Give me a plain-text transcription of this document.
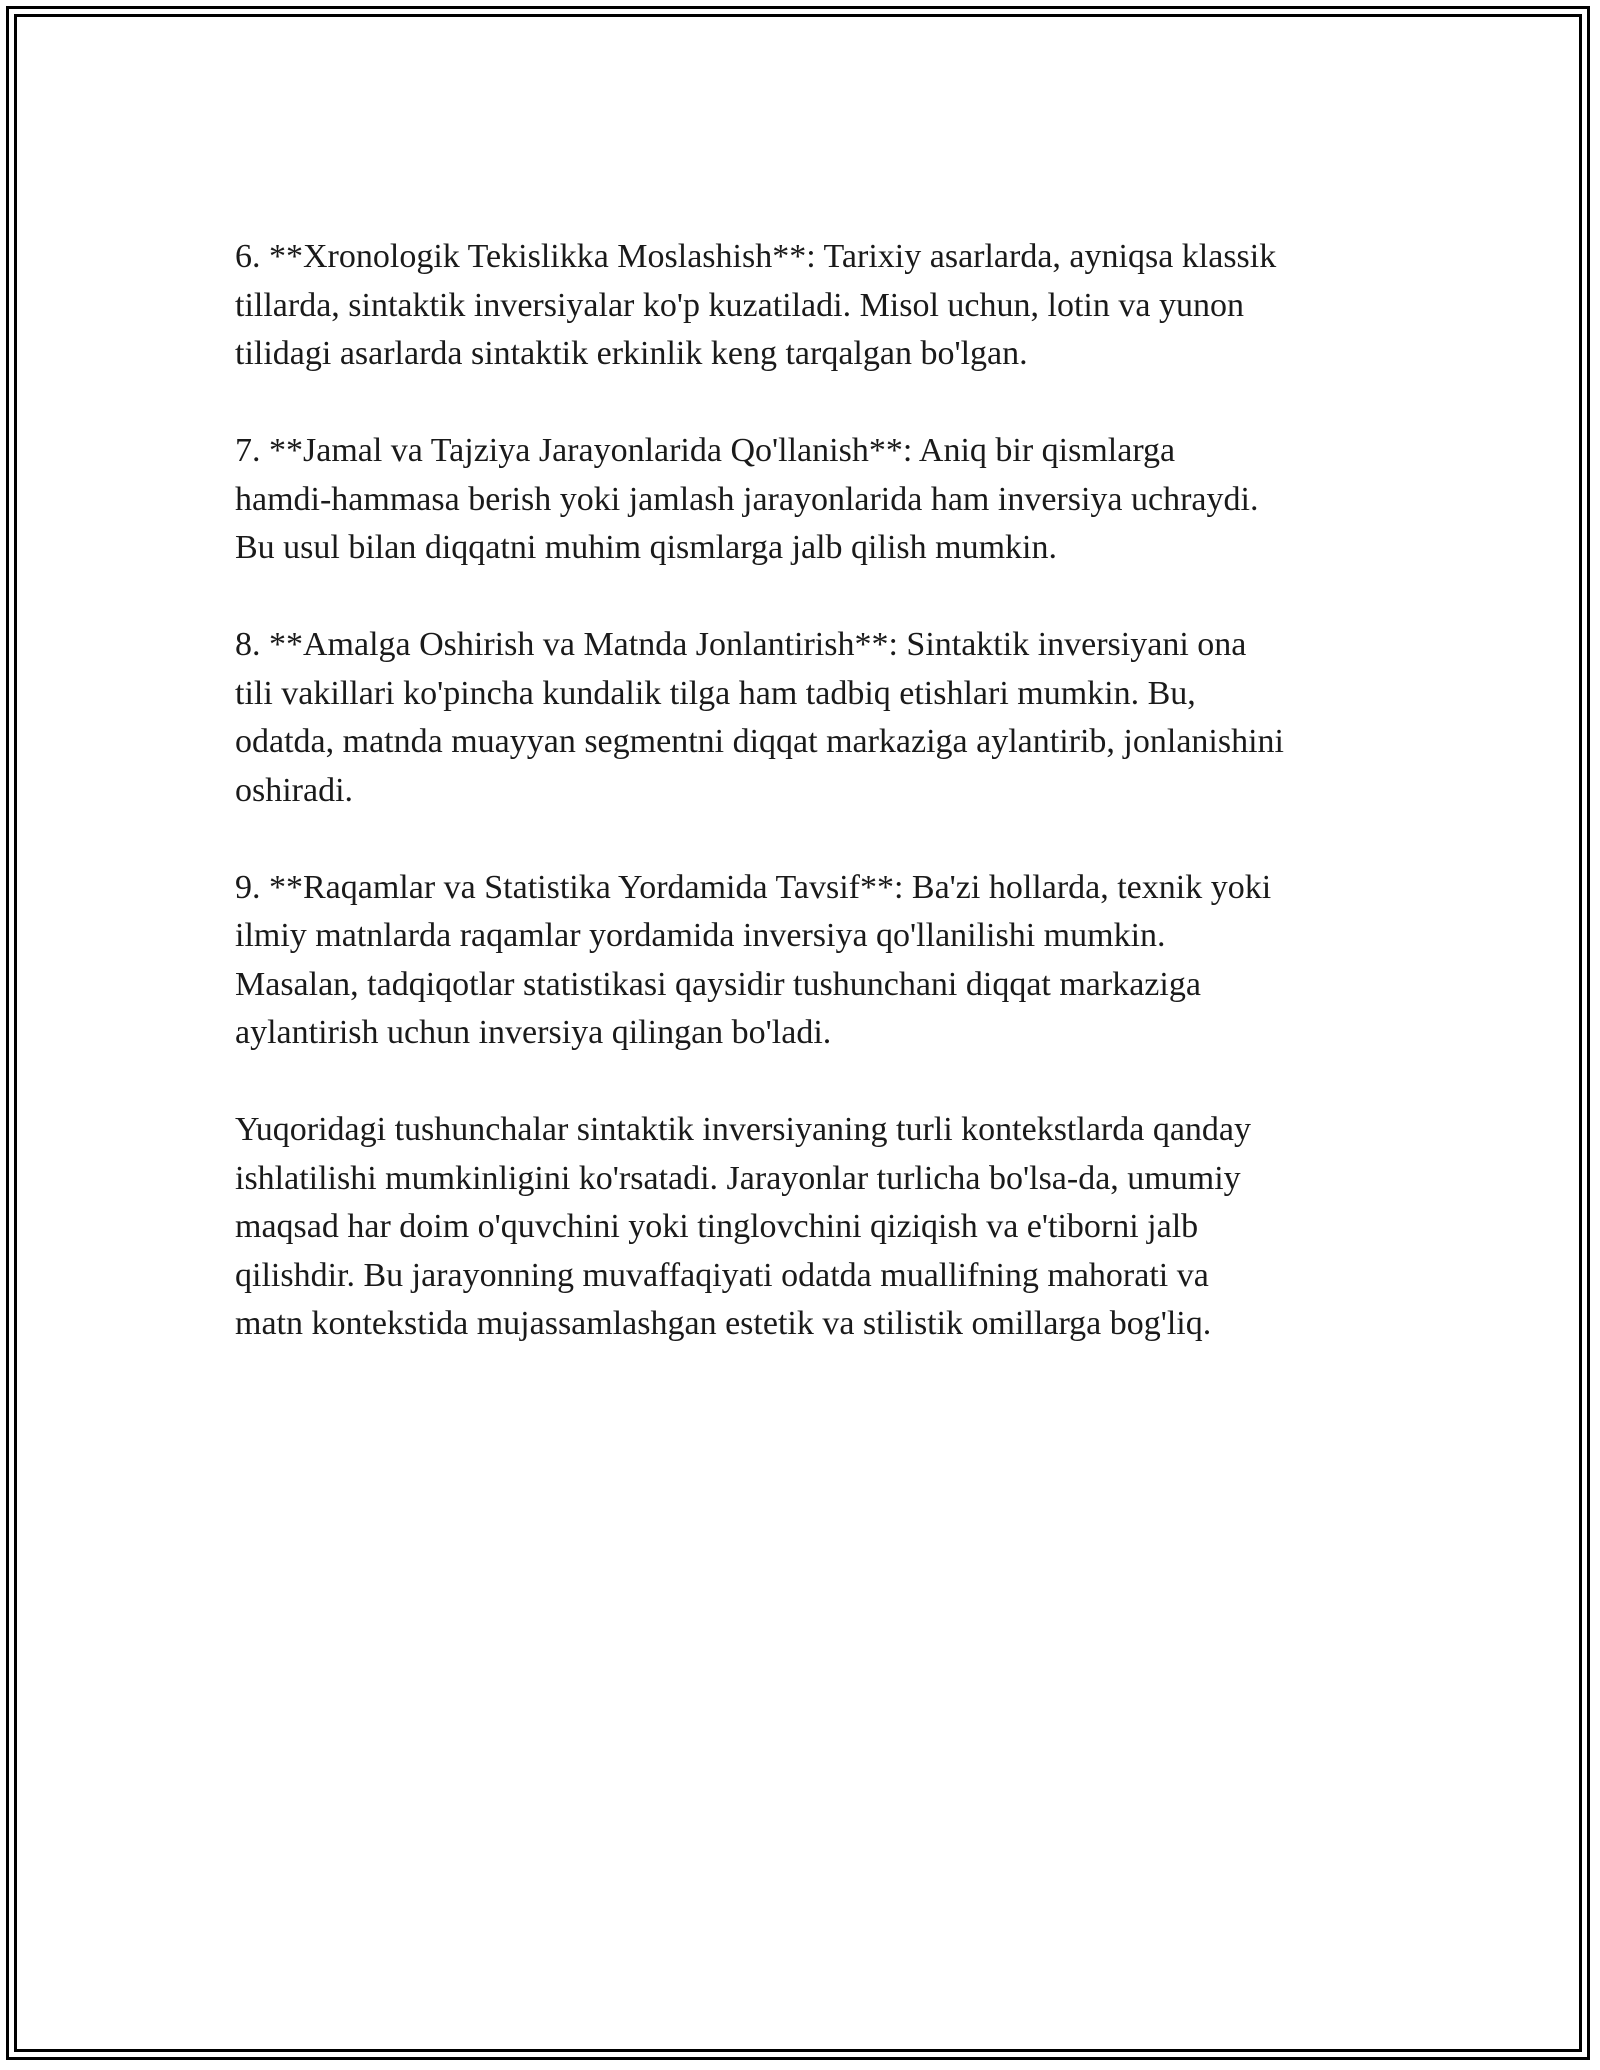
6. **Xronologik Tekislikka Moslashish**: Tarixiy asarlarda, ayniqsa klassik
tillarda, sintaktik inversiyalar ko'p kuzatiladi. Misol uchun, lotin va yunon
tilidagi asarlarda sintaktik erkinlik keng tarqalgan bo'lgan.

7. **Jamal va Tajziya Jarayonlarida Qo'llanish**: Aniq bir qismlarga
hamdi-hammasa berish yoki jamlash jarayonlarida ham inversiya uchraydi.
Bu usul bilan diqqatni muhim qismlarga jalb qilish mumkin.

8. **Amalga Oshirish va Matnda Jonlantirish**: Sintaktik inversiyani ona
tili vakillari ko'pincha kundalik tilga ham tadbiq etishlari mumkin. Bu,
odatda, matnda muayyan segmentni diqqat markaziga aylantirib, jonlanishini
oshiradi.

9. **Raqamlar va Statistika Yordamida Tavsif**: Ba'zi hollarda, texnik yoki
ilmiy matnlarda raqamlar yordamida inversiya qo'llanilishi mumkin.
Masalan, tadqiqotlar statistikasi qaysidir tushunchani diqqat markaziga
aylantirish uchun inversiya qilingan bo'ladi.

Yuqoridagi tushunchalar sintaktik inversiyaning turli kontekstlarda qanday
ishlatilishi mumkinligini ko'rsatadi. Jarayonlar turlicha bo'lsa-da, umumiy
maqsad har doim o'quvchini yoki tinglovchini qiziqish va e'tiborni jalb
qilishdir. Bu jarayonning muvaffaqiyati odatda muallifning mahorati va
matn kontekstida mujassamlashgan estetik va stilistik omillarga bog'liq.
